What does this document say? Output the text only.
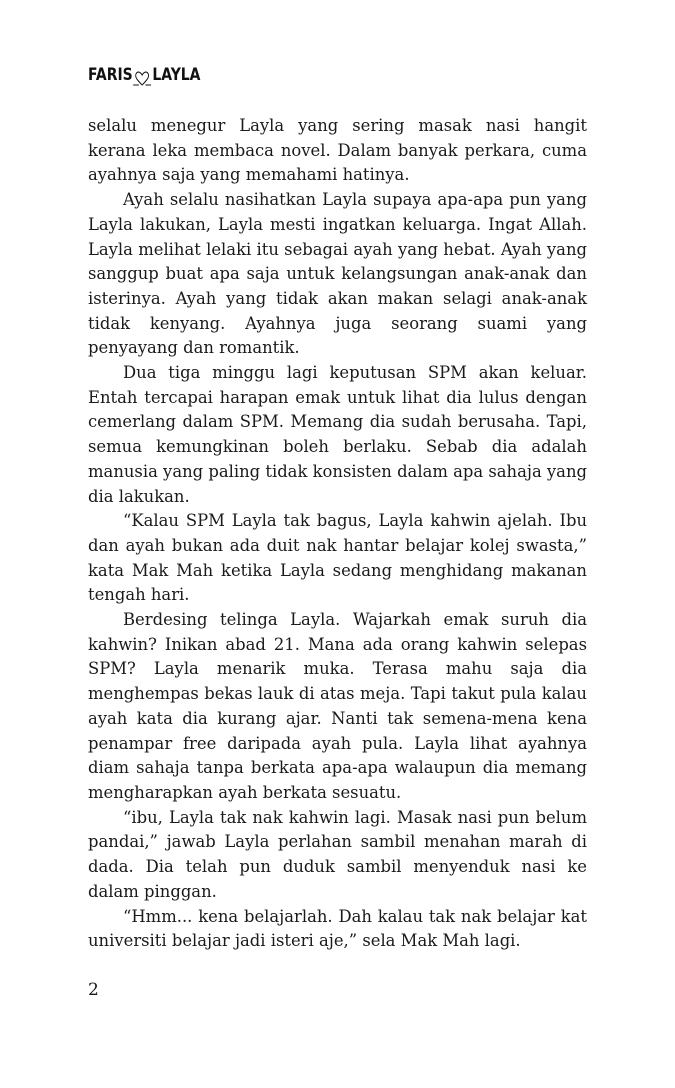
FARIS LAYLA

selalu menegur Layla yang sering masak nasi hangit kerana leka membaca novel. Dalam banyak perkara, cuma ayahnya saja yang memahami hatinya.

Ayah selalu nasihatkan Layla supaya apa-apa pun yang Layla lakukan, Layla mesti ingatkan keluarga. Ingat Allah. Layla melihat lelaki itu sebagai ayah yang hebat. Ayah yang sanggup buat apa saja untuk kelangsungan anak-anak dan isterinya. Ayah yang tidak akan makan selagi anak-anak tidak kenyang. Ayahnya juga seorang suami yang penyayang dan romantik.

Dua tiga minggu lagi keputusan SPM akan keluar. Entah tercapai harapan emak untuk lihat dia lulus dengan cemerlang dalam SPM. Memang dia sudah berusaha. Tapi, semua kemungkinan boleh berlaku. Sebab dia adalah manusia yang paling tidak konsisten dalam apa sahaja yang dia lakukan.

“Kalau SPM Layla tak bagus, Layla kahwin ajelah. Ibu dan ayah bukan ada duit nak hantar belajar kolej swasta,” kata Mak Mah ketika Layla sedang menghidang makanan tengah hari.

Berdesing telinga Layla. Wajarkah emak suruh dia kahwin? Inikan abad 21. Mana ada orang kahwin selepas SPM? Layla menarik muka. Terasa mahu saja dia menghempas bekas lauk di atas meja. Tapi takut pula kalau ayah kata dia kurang ajar. Nanti tak semena-mena kena penampar free daripada ayah pula. Layla lihat ayahnya diam sahaja tanpa berkata apa-apa walaupun dia memang mengharapkan ayah berkata sesuatu.

“ibu, Layla tak nak kahwin lagi. Masak nasi pun belum pandai,” jawab Layla perlahan sambil menahan marah di dada. Dia telah pun duduk sambil menyenduk nasi ke dalam pinggan.

“Hmm... kena belajarlah. Dah kalau tak nak belajar kat universiti belajar jadi isteri aje,” sela Mak Mah lagi.

2
